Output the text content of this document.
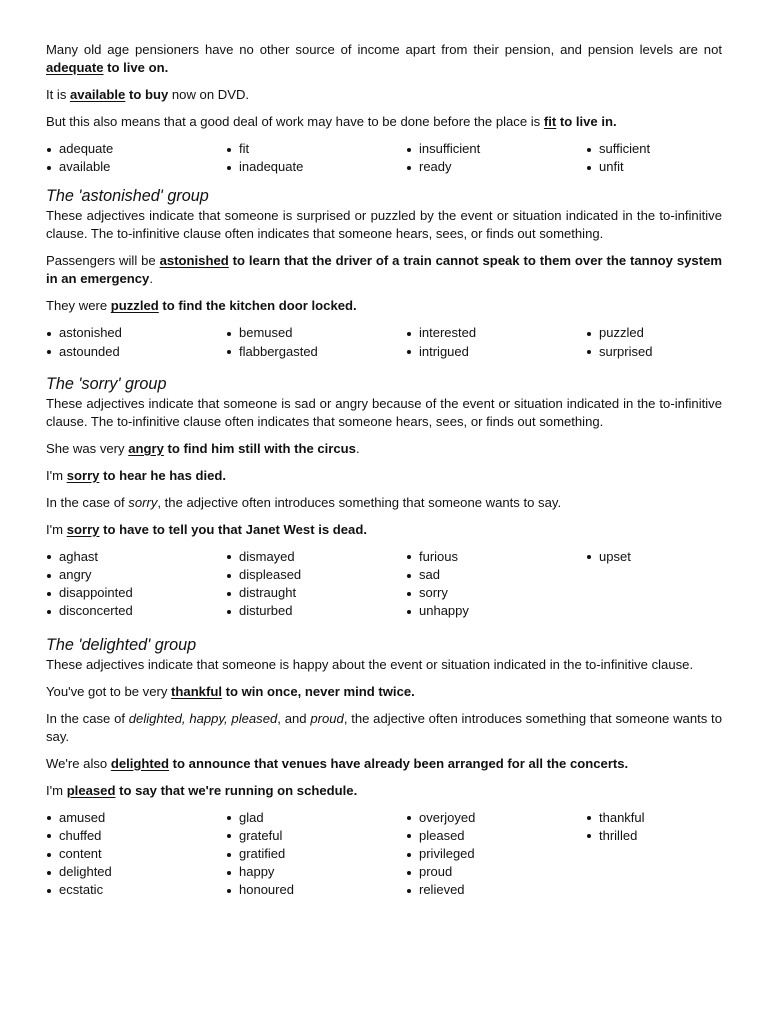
Many old age pensioners have no other source of income apart from their pension, and pension levels are not adequate to live on.

It is available to buy now on DVD.

But this also means that a good deal of work may have to be done before the place is fit to live in.

adequate
available
fit
inadequate
insufficient
ready
sufficient
unfit
The 'astonished' group

These adjectives indicate that someone is surprised or puzzled by the event or situation indicated in the to-infinitive clause. The to-infinitive clause often indicates that someone hears, sees, or finds out something.

Passengers will be astonished to learn that the driver of a train cannot speak to them over the tannoy system in an emergency.

They were puzzled to find the kitchen door locked.

astonished
astounded
bemused
flabbergasted
interested
intrigued
puzzled
surprised
The 'sorry' group

These adjectives indicate that someone is sad or angry because of the event or situation indicated in the to-infinitive clause. The to-infinitive clause often indicates that someone hears, sees, or finds out something.

She was very angry to find him still with the circus.

I'm sorry to hear he has died.

In the case of sorry, the adjective often introduces something that someone wants to say.

I'm sorry to have to tell you that Janet West is dead.

aghast
angry
disappointed
disconcerted
dismayed
displeased
distraught
disturbed
furious
sad
sorry
unhappy
upset
The 'delighted' group

These adjectives indicate that someone is happy about the event or situation indicated in the to-infinitive clause.

You've got to be very thankful to win once, never mind twice.

In the case of delighted, happy, pleased, and proud, the adjective often introduces something that someone wants to say.

We're also delighted to announce that venues have already been arranged for all the concerts.

I'm pleased to say that we're running on schedule.

amused
chuffed
content
delighted
ecstatic
glad
grateful
gratified
happy
honoured
overjoyed
pleased
privileged
proud
relieved
thankful
thrilled
